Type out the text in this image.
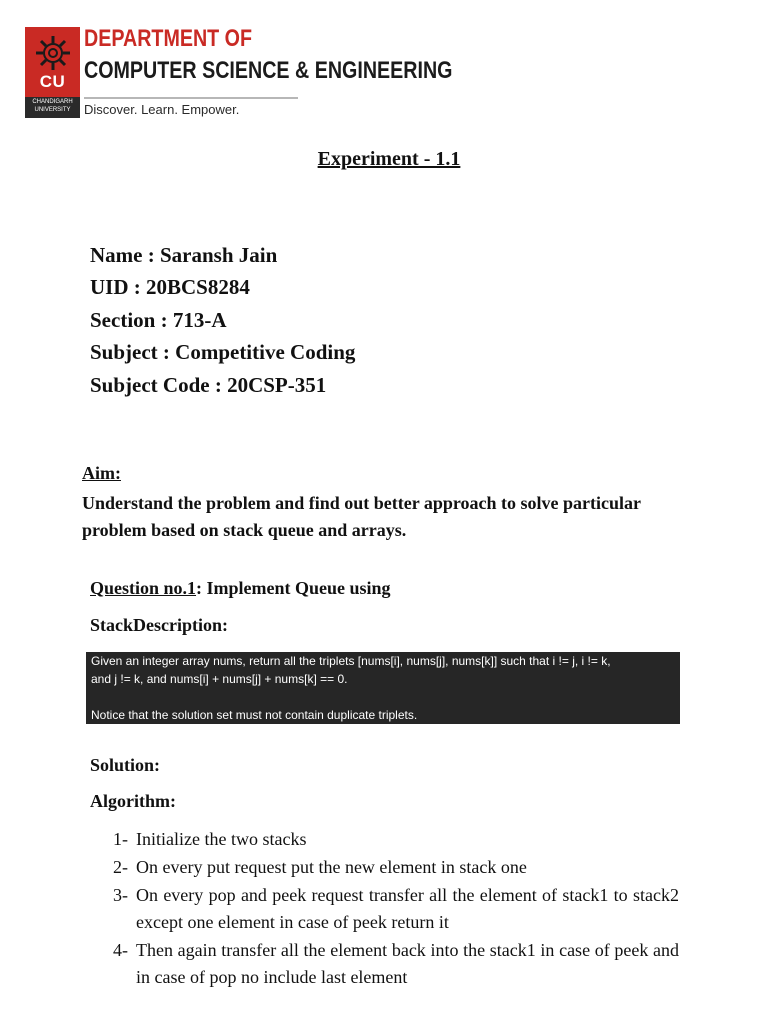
CU
CHANDIGARH UNIVERSITY
DEPARTMENT OF
COMPUTER SCIENCE & ENGINEERING
Discover. Learn. Empower.
Experiment - 1.1
Name : Saransh Jain
UID : 20BCS8284
Section : 713-A
Subject : Competitive Coding
Subject Code : 20CSP-351
Aim:
Understand the problem and find out better approach to solve particular problem based on stack queue and arrays.
Question no.1: Implement Queue using
StackDescription:
Given an integer array nums, return all the triplets [nums[i], nums[j], nums[k]] such that i != j, i != k,
and j != k, and nums[i] + nums[j] + nums[k] == 0.
Notice that the solution set must not contain duplicate triplets.
Solution:
Algorithm:
1- Initialize the two stacks
2- On every put request put the new element in stack one
3- On every pop and peek request transfer all the element of stack1 to stack2 except one element in case of peek return it
4- Then again transfer all the element back into the stack1 in case of peek and in case of pop no include last element
